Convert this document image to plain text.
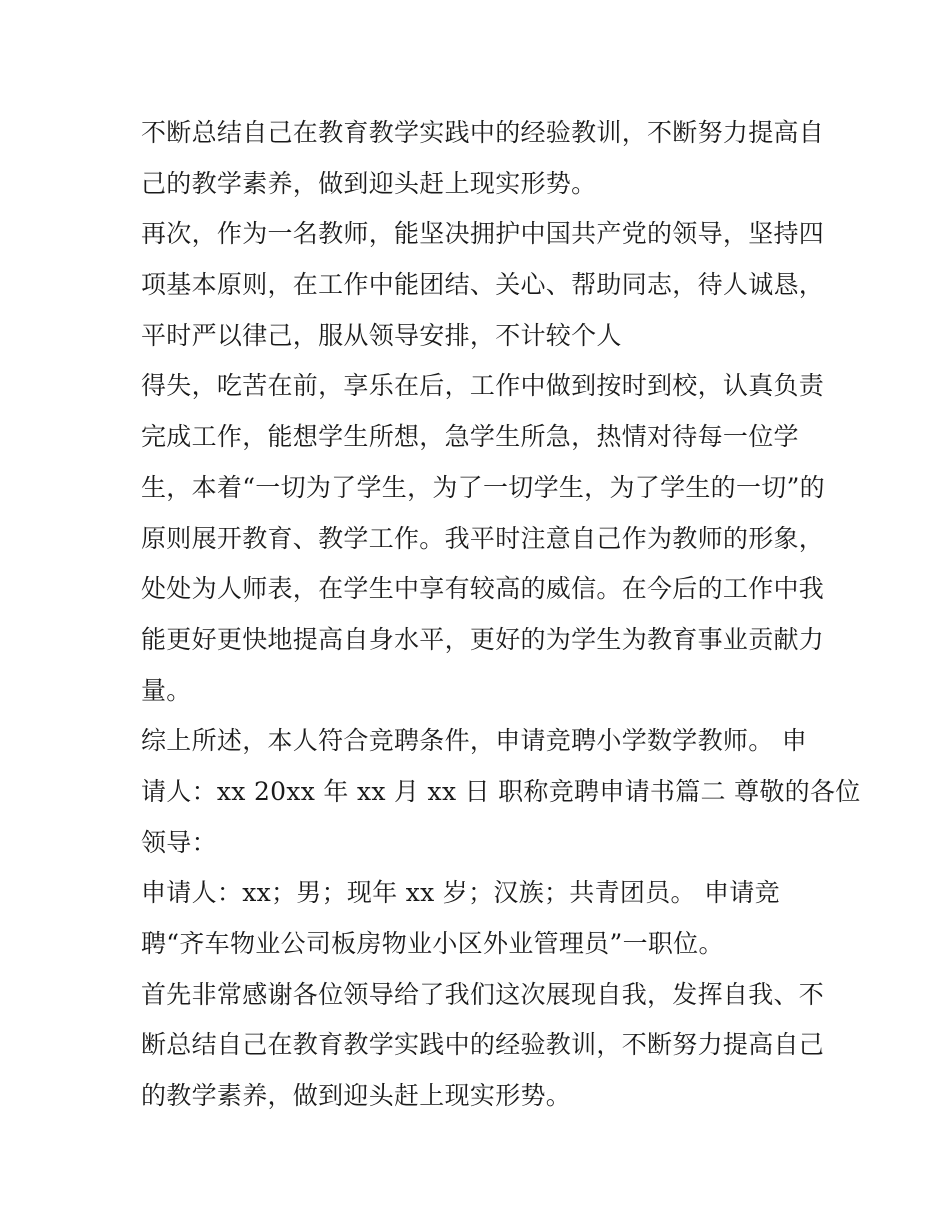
不断总结自己在教育教学实践中的经验教训，不断努力提高自
己的教学素养，做到迎头赶上现实形势。
再次，作为一名教师，能坚决拥护中国共产党的领导，坚持四
项基本原则，在工作中能团结、关心、帮助同志，待人诚恳，
平时严以律己，服从领导安排，不计较个人
得失，吃苦在前，享乐在后，工作中做到按时到校，认真负责
完成工作，能想学生所想，急学生所急，热情对待每一位学
生，本着“一切为了学生，为了一切学生，为了学生的一切”的
原则展开教育、教学工作。我平时注意自己作为教师的形象，
处处为人师表，在学生中享有较高的威信。在今后的工作中我
能更好更快地提高自身水平，更好的为学生为教育事业贡献力
量。
综上所述，本人符合竞聘条件，申请竞聘小学数学教师。 申
请人：xx 20xx 年 xx 月 xx 日 职称竞聘申请书篇二 尊敬的各位
领导：
申请人：xx；男；现年 xx 岁；汉族；共青团员。 申请竞
聘“齐车物业公司板房物业小区外业管理员”一职位。
首先非常感谢各位领导给了我们这次展现自我，发挥自我、不
断总结自己在教育教学实践中的经验教训，不断努力提高自己
的教学素养，做到迎头赶上现实形势。
